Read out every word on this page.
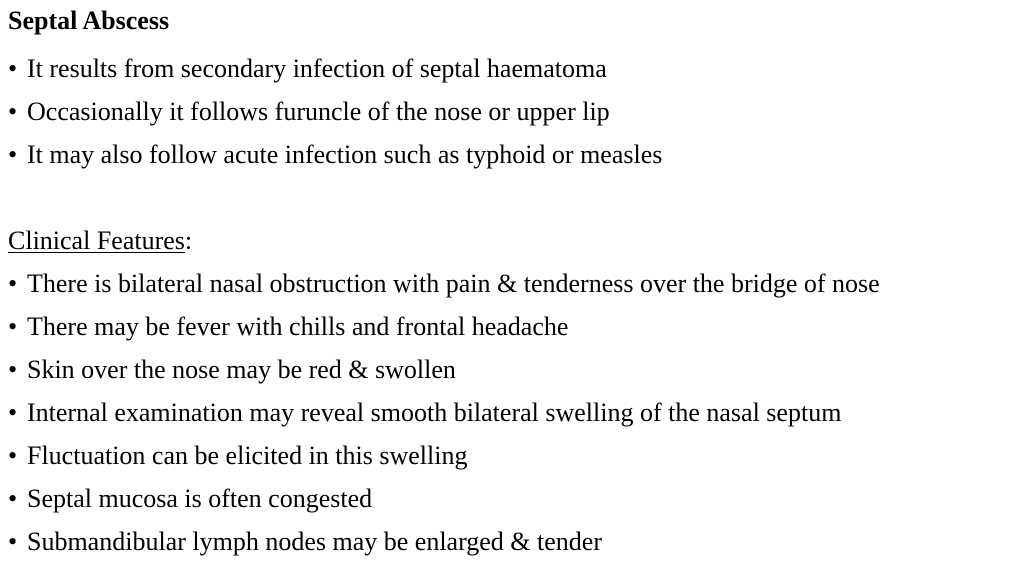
Septal Abscess
• It results from secondary infection of septal haematoma
• Occasionally it follows furuncle of the nose or upper lip
• It may also follow acute infection such as typhoid or measles
Clinical Features:
• There is bilateral nasal obstruction with pain & tenderness over the bridge of nose
• There may be fever with chills and frontal headache
• Skin over the nose may be red & swollen
• Internal examination may reveal smooth bilateral swelling of the nasal septum
• Fluctuation can be elicited in this swelling
• Septal mucosa is often congested
• Submandibular lymph nodes may be enlarged & tender
